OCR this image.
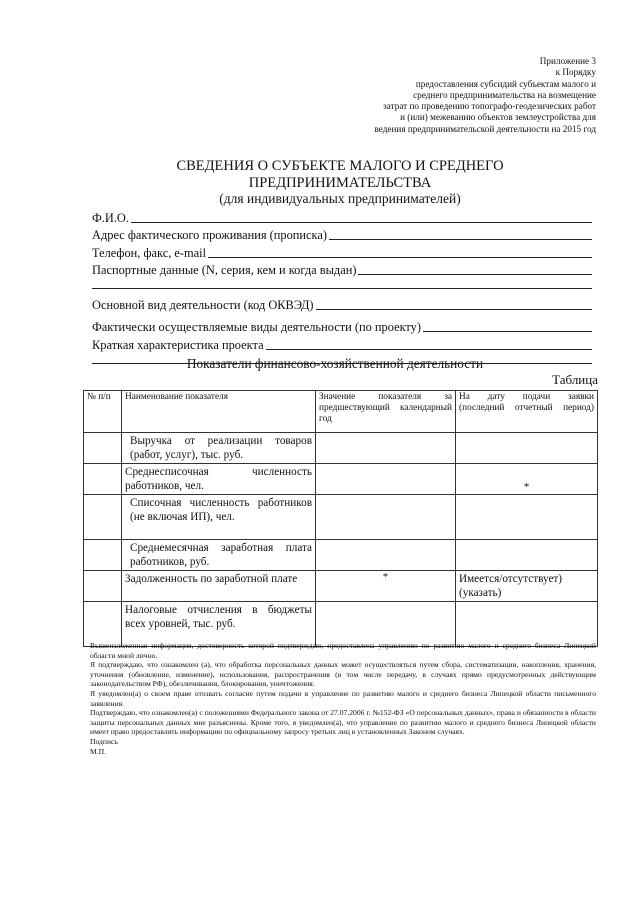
Приложение 3
к Порядку
предоставления субсидий субъектам малого и
среднего предпринимательства на возмещение
затрат по проведению топографо-геодезических работ
и (или) межеванию объектов землеустройства для
ведения предпринимательской деятельности на 2015 год
СВЕДЕНИЯ О СУБЪЕКТЕ МАЛОГО И СРЕДНЕГО
ПРЕДПРИНИМАТЕЛЬСТВА
(для индивидуальных предпринимателей)
Ф.И.О.
Адрес фактического проживания (прописка)
Телефон, факс, e-mail
Паспортные данные (N, серия, кем и когда выдан)
Основной вид деятельности (код ОКВЭД)
Фактически осуществляемые виды деятельности (по проекту)
Краткая характеристика проекта
Показатели финансово-хозяйственной деятельности
Таблица
№ п/п	Наименование показателя	Значение показателя за предшествующий календарный год	На дату подачи заявки (последний отчетный период)
	Выручка от реализации товаров (работ, услуг), тыс. руб.		
	Среднесписочная численность работников, чел.		*
	Списочная численность работников (не включая ИП), чел.		
	Среднемесячная заработная плата работников, руб.		
	Задолженность по заработной плате	*	Имеется/отсутствует) (указать)
	Налоговые отчисления в бюджеты всех уровней, тыс. руб.		

Вышеизложенная информация, достоверность которой подтверждаю, предоставлена управлению по развитию малого и среднего бизнеса Липецкой области мной лично.

Я подтверждаю, что ознакомлен (а), что обработка персональных данных может осуществляться путем сбора, систематизации, накопления, хранения, уточнения (обновление, изменение), использования, распространения (в том числе передачу, в случаях прямо предусмотренных действующим законодательством РФ), обезличивания, блокирования, уничтожения.

Я уведомлен(а) о своем праве отозвать согласие путем подачи в управление по развитию малого и среднего бизнеса Липецкой области письменного заявления.

Подтверждаю, что ознакомлен(а) с положениями Федерального закона от 27.07.2006 г. №152-ФЗ «О персональных данных», права и обязанности в области защиты персональных данных мне разъяснены. Кроме того, я уведомлен(а), что управление по развитию малого и среднего бизнеса Липецкой области имеет право предоставлять информацию по официальному запросу третьих лиц в установленных Законом случаях.

Подпись

М.П.
